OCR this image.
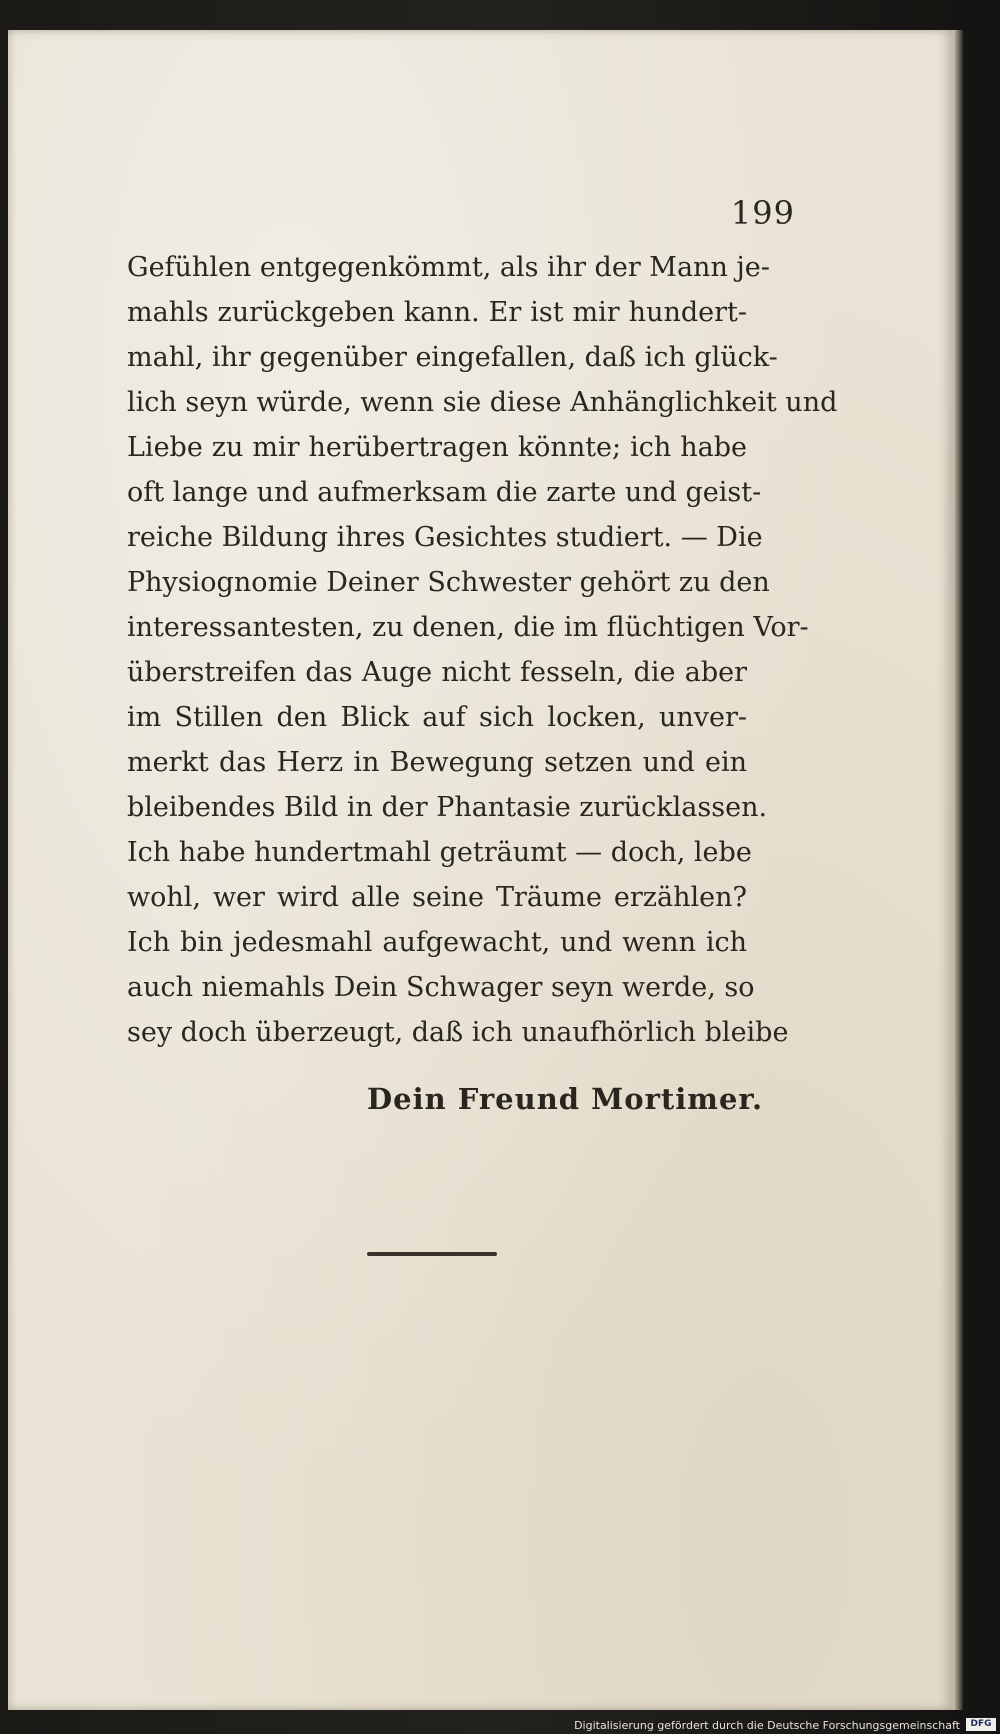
199
Gefühlen entgegenkömmt, als ihr der Mann je-
mahls zurückgeben kann. Er ist mir hundert-
mahl, ihr gegenüber eingefallen, daß ich glück-
lich seyn würde, wenn sie diese Anhänglichkeit und
Liebe zu mir herübertragen könnte; ich habe
oft lange und aufmerksam die zarte und geist-
reiche Bildung ihres Gesichtes studiert. — Die
Physiognomie Deiner Schwester gehört zu den
interessantesten, zu denen, die im flüchtigen Vor-
überstreifen das Auge nicht fesseln, die aber
im Stillen den Blick auf sich locken, unver-
merkt das Herz in Bewegung setzen und ein
bleibendes Bild in der Phantasie zurücklassen.
Ich habe hundertmahl geträumt — doch, lebe
wohl, wer wird alle seine Träume erzählen?
Ich bin jedesmahl aufgewacht, und wenn ich
auch niemahls Dein Schwager seyn werde, so
sey doch überzeugt, daß ich unaufhörlich bleibe
Dein Freund Mortimer.
Digitalisierung gefördert durch die Deutsche Forschungsgemeinschaft	DFG
